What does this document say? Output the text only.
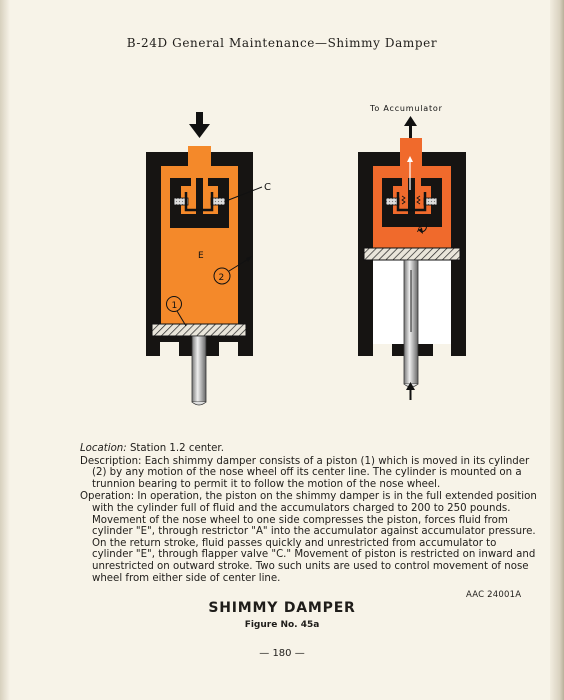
B-24D General Maintenance—Shimmy Damper
E
2
1
C
To Accumulator
A

Location: Station 1.2 center.

Description: Each shimmy damper consists of a piston (1) which is moved in its cylinder (2) by any motion of the nose wheel off its center line. The cylinder is mounted on a trunnion bearing to permit it to follow the motion of the nose wheel.

Operation: In operation, the piston on the shimmy damper is in the full extended position with the cylinder full of fluid and the accumulators charged to 200 to 250 pounds. Movement of the nose wheel to one side compresses the piston, forces fluid from cylinder "E", through restrictor "A" into the accumulator against accumulator pressure. On the return stroke, fluid passes quickly and unrestricted from accumulator to cylinder "E", through flapper valve "C." Movement of piston is restricted on inward and unrestricted on outward stroke. Two such units are used to control movement of nose wheel from either side of center line.

AAC 24001A
SHIMMY DAMPER
Figure No. 45a
— 180 —
